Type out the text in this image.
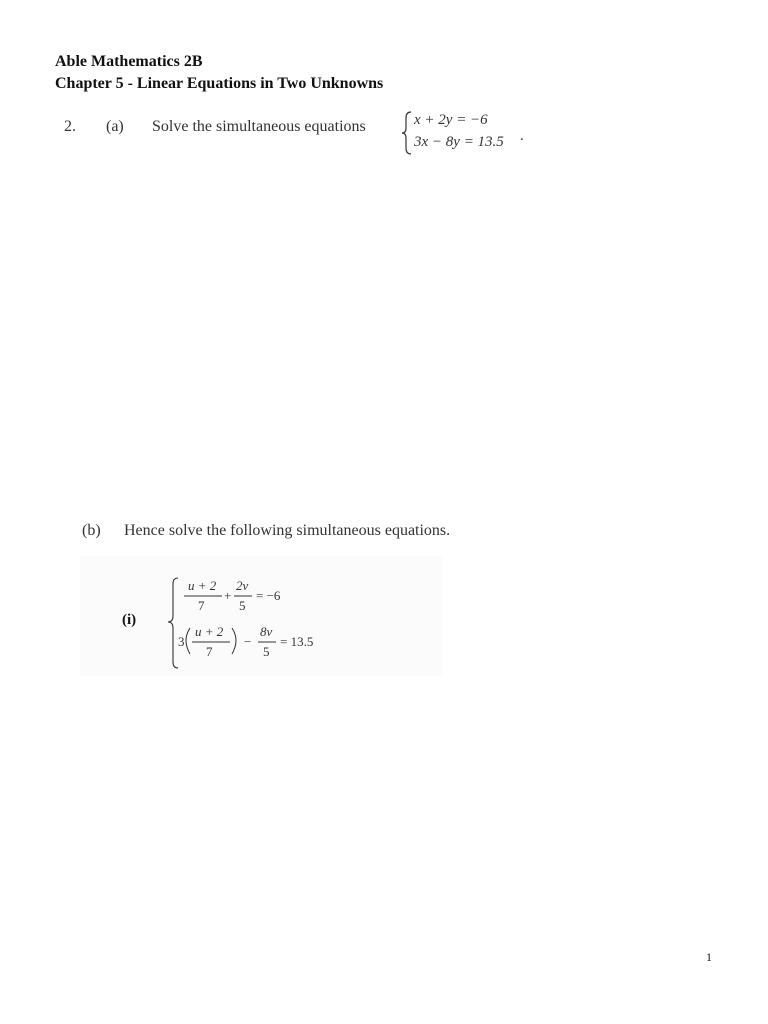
Able Mathematics 2B

Chapter 5 - Linear Equations in Two Unknowns

2. (a) Solve the simultaneous equations	x + 2y = −6
3x − 8y = 13.5 .
(b) Hence solve the following simultaneous equations.
(i)
u + 2
7
+
2v
5
= −6
3
u + 2
7
−
8v
5
= 13.5
1
